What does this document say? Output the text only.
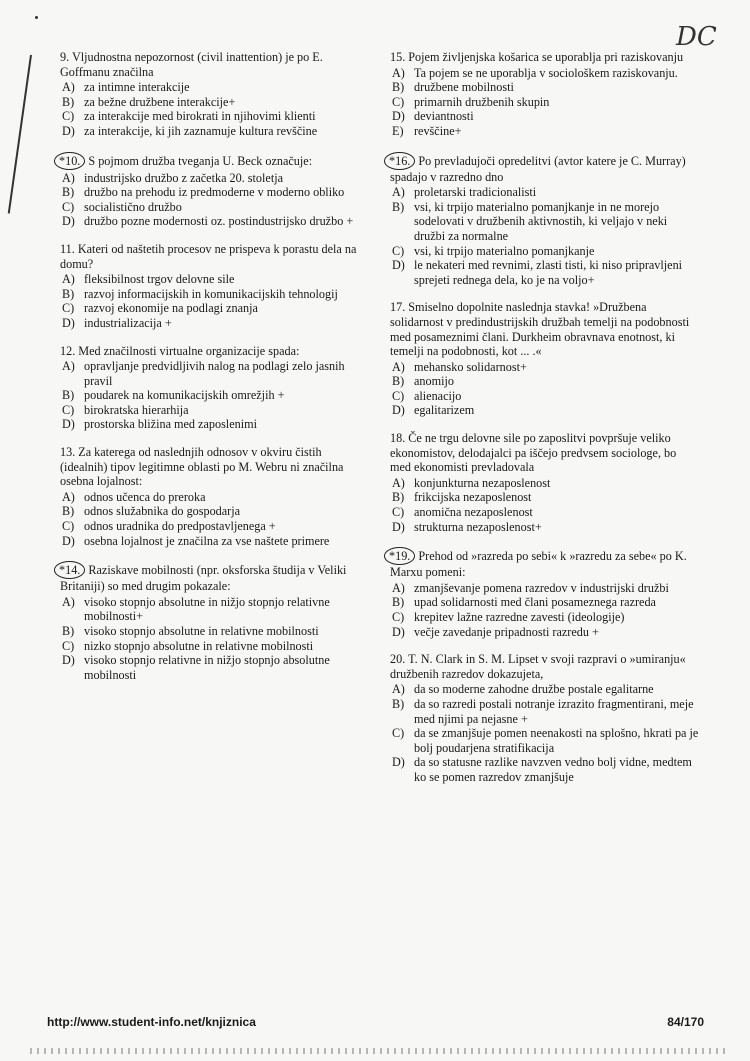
DC
9. Vljudnostna nepozornost (civil inattention) je po E. Goffmanu značilna
A) za intimne interakcije
B) za bežne družbene interakcije+
C) za interakcije med birokrati in njihovimi klienti
D) za interakcije, ki jih zaznamuje kultura revščine
*10. S pojmom družba tveganja U. Beck označuje:
A) industrijsko družbo z začetka 20. stoletja
B) družbo na prehodu iz predmoderne v moderno obliko
C) socialistično družbo
D) družbo pozne modernosti oz. postindustrijsko družbo +
11. Kateri od naštetih procesov ne prispeva k porastu dela na domu?
A) fleksibilnost trgov delovne sile
B) razvoj informacijskih in komunikacijskih tehnologij
C) razvoj ekonomije na podlagi znanja
D) industrializacija +
12. Med značilnosti virtualne organizacije spada:
A) opravljanje predvidljivih nalog na podlagi zelo jasnih pravil
B) poudarek na komunikacijskih omrežjih +
C) birokratska hierarhija
D) prostorska bližina med zaposlenimi
13. Za katerega od naslednjih odnosov v okviru čistih (idealnih) tipov legitimne oblasti po M. Webru ni značilna osebna lojalnost:
A) odnos učenca do preroka
B) odnos služabnika do gospodarja
C) odnos uradnika do predpostavljenega +
D) osebna lojalnost je značilna za vse naštete primere
*14. Raziskave mobilnosti (npr. oksforska študija v Veliki Britaniji) so med drugim pokazale:
A) visoko stopnjo absolutne in nižjo stopnjo relativne mobilnosti+
B) visoko stopnjo absolutne in relativne mobilnosti
C) nizko stopnjo absolutne in relativne mobilnosti
D) visoko stopnjo relativne in nižjo stopnjo absolutne mobilnosti
15. Pojem življenjska košarica se uporablja pri raziskovanju
A) Ta pojem se ne uporablja v sociološkem raziskovanju.
B) družbene mobilnosti
C) primarnih družbenih skupin
D) deviantnosti
E) revščine+
*16. Po prevladujoči opredelitvi (avtor katere je C. Murray) spadajo v razredno dno
A) proletarski tradicionalisti
B) vsi, ki trpijo materialno pomanjkanje in ne morejo sodelovati v družbenih aktivnostih, ki veljajo v neki družbi za normalne
C) vsi, ki trpijo materialno pomanjkanje
D) le nekateri med revnimi, zlasti tisti, ki niso pripravljeni sprejeti rednega dela, ko je na voljo+
17. Smiselno dopolnite naslednja stavka! »Družbena solidarnost v predindustrijskih družbah temelji na podobnosti med posameznimi člani. Durkheim obravnava enotnost, ki temelji na podobnosti, kot ... .«
A) mehansko solidarnost+
B) anomijo
C) alienacijo
D) egalitarizem
18. Če ne trgu delovne sile po zaposlitvi povpršuje veliko ekonomistov, delodajalci pa iščejo predvsem sociologe, bo med ekonomisti prevladovala
A) konjunkturna nezaposlenost
B) frikcijska nezaposlenost
C) anomična nezaposlenost
D) strukturna nezaposlenost+
*19. Prehod od »razreda po sebi« k »razredu za sebe« po K. Marxu pomeni:
A) zmanjševanje pomena razredov v industrijski družbi
B) upad solidarnosti med člani posameznega razreda
C) krepitev lažne razredne zavesti (ideologije)
D) večje zavedanje pripadnosti razredu +
20. T. N. Clark in S. M. Lipset v svoji razpravi o »umiranju« družbenih razredov dokazujeta,
A) da so moderne zahodne družbe postale egalitarne
B) da so razredi postali notranje izrazito fragmentirani, meje med njimi pa nejasne +
C) da se zmanjšuje pomen neenakosti na splošno, hkrati pa je bolj poudarjena stratifikacija
D) da so statusne razlike navzven vedno bolj vidne, medtem ko se pomen razredov zmanjšuje
http://www.student-info.net/knjiznica	84/170
